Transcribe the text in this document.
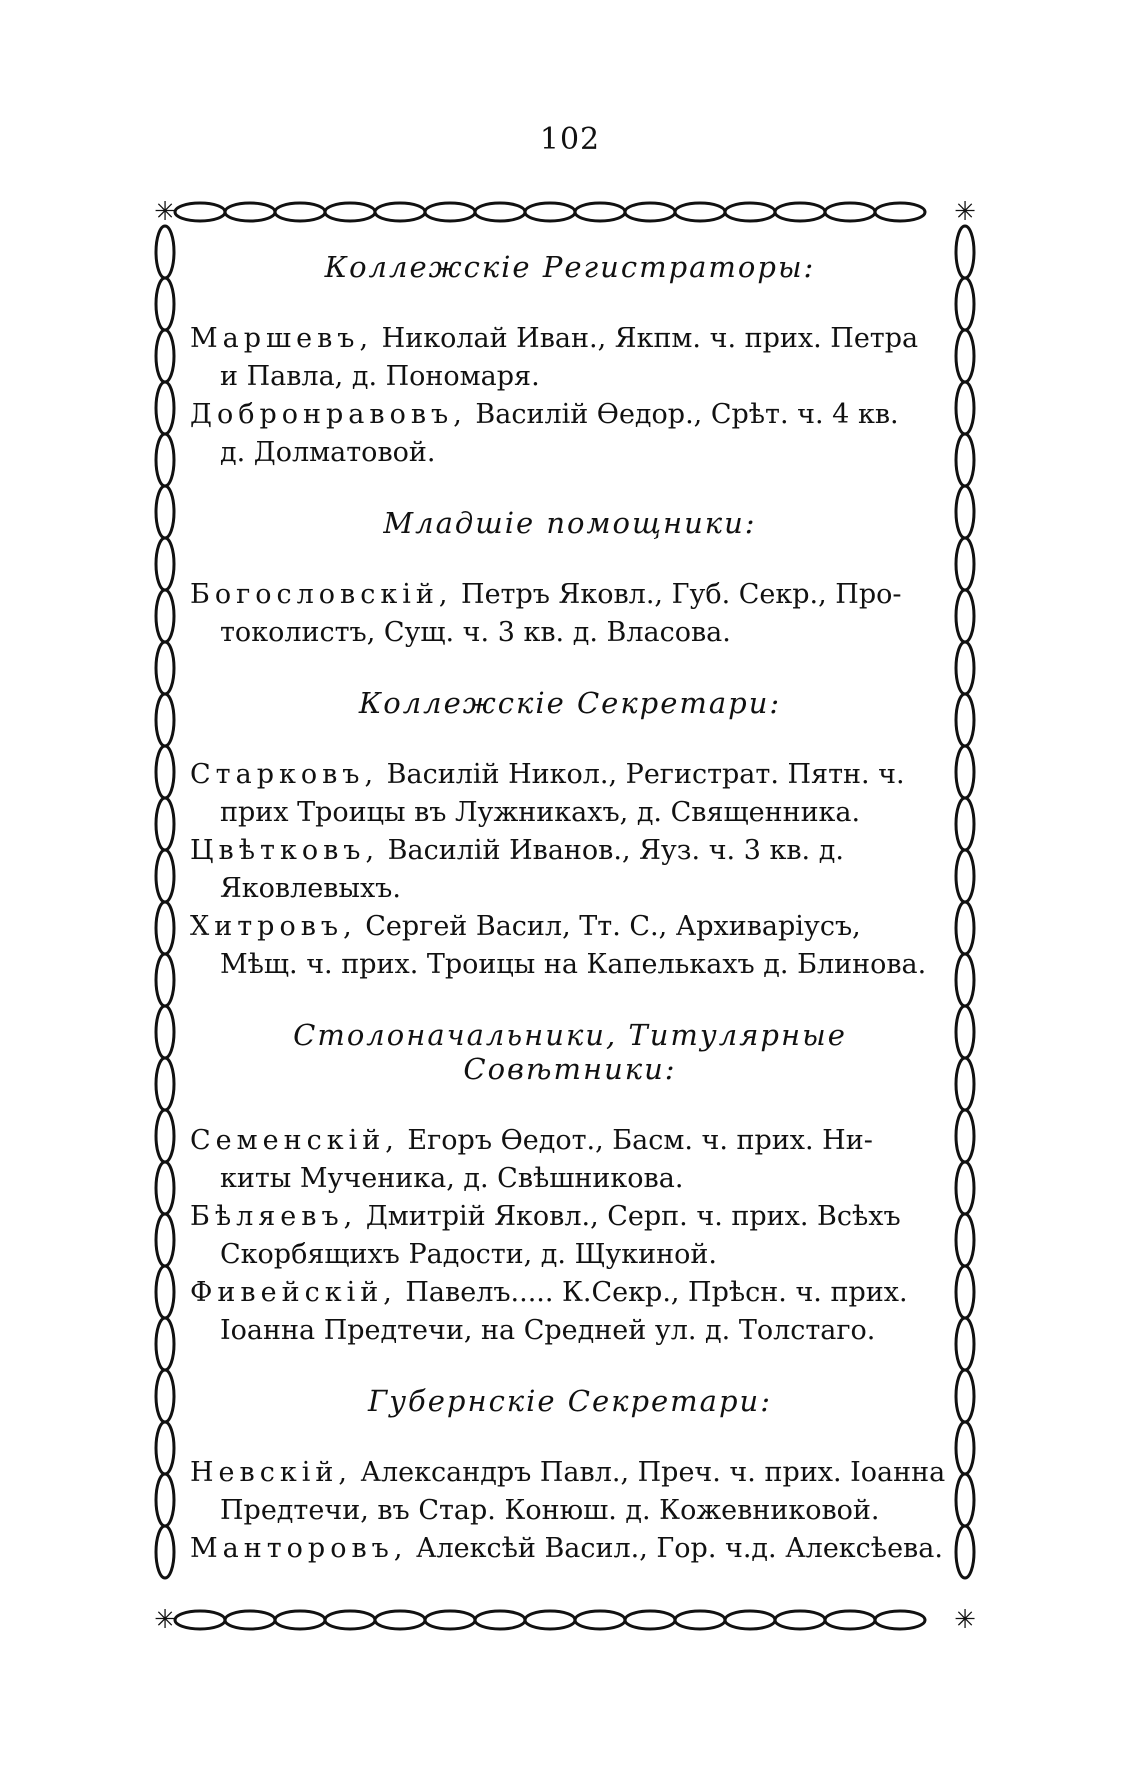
102
✳	✳
✳	✳

Коллежскіе Регистраторы:

Маршевъ, Николай Иван., Якпм. ч. прих. Петра
и Павла, д. Пономаря.

Добронравовъ, Василій Өедор., Срѣт. ч. 4 кв.
д. Долматовой.

Младшіе помощники:

Богословскій, Петръ Яковл., Губ. Секр., Про-
токолистъ, Сущ. ч. 3 кв. д. Власова.

Коллежскіе Секретари:

Старковъ, Василій Никол., Регистрат. Пятн. ч.
прих Троицы въ Лужникахъ, д. Священника.

Цвѣтковъ, Василій Иванов., Яуз. ч. 3 кв. д.
Яковлевыхъ.

Хитровъ, Сергей Васил, Тт. С., Архиваріусъ,
Мѣщ. ч. прих. Троицы на Капелькахъ д. Блинова.

Столоначальники, Титулярные Совѣтники:

Семенскій, Егоръ Өедот., Басм. ч. прих. Ни-
киты Мученика, д. Свѣшникова.

Бѣляевъ, Дмитрій Яковл., Серп. ч. прих. Всѣхъ
Скорбящихъ Радости, д. Щукиной.

Фивейскій, Павелъ..... К.Секр., Прѣсн. ч. прих.
Іоанна Предтечи, на Средней ул. д. Толстаго.

Губернскіе Секретари:

Невскій, Александръ Павл., Преч. ч. прих. Іоанна
Предтечи, въ Стар. Конюш. д. Кожевниковой.

Манторовъ, Алексѣй Васил., Гор. ч.д. Алексѣева.
